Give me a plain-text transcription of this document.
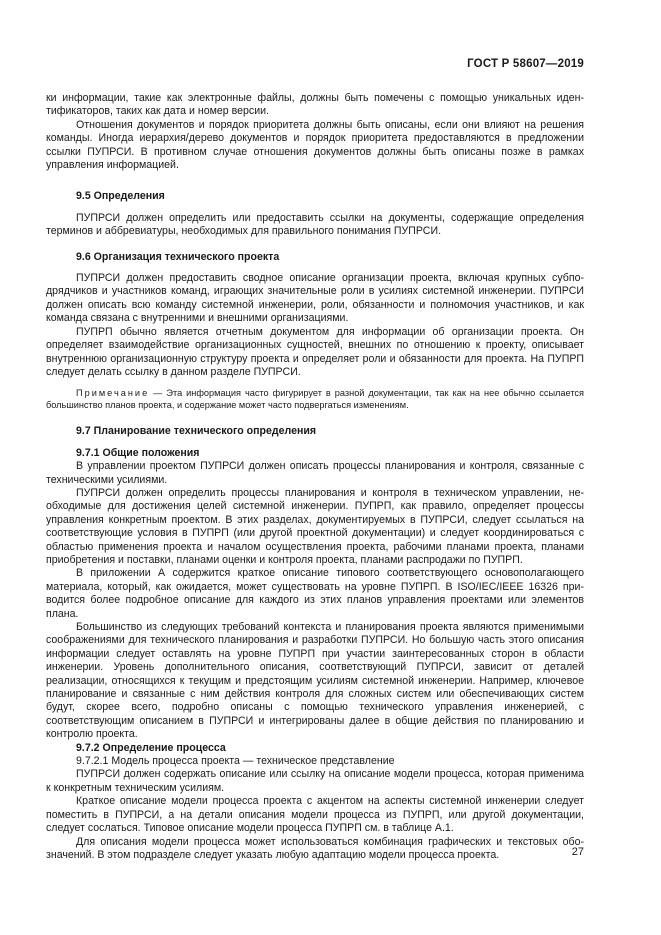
ГОСТ Р 58607—2019

ки информации, такие как электронные файлы, должны быть помечены с помощью уникальных идентификаторов, таких как дата и номер версии.

Отношения документов и порядок приоритета должны быть описаны, если они влияют на решения команды. Иногда иерархия/дерево документов и порядок приоритета предоставляются в предложении ссылки ПУПРСИ. В противном случае отношения документов должны быть описаны позже в рамках управления информацией.

9.5 Определения

ПУПРСИ должен определить или предоставить ссылки на документы, содержащие определения терминов и аббревиатуры, необходимых для правильного понимания ПУПРСИ.

9.6 Организация технического проекта

ПУПРСИ должен предоставить сводное описание организации проекта, включая крупных субподрядчиков и участников команд, играющих значительные роли в усилиях системной инженерии. ПУПРСИ должен описать всю команду системной инженерии, роли, обязанности и полномочия участников, и как команда связана с внутренними и внешними организациями.

ПУПРП обычно является отчетным документом для информации об организации проекта. Он определяет взаимодействие организационных сущностей, внешних по отношению к проекту, описывает внутреннюю организационную структуру проекта и определяет роли и обязанности для проекта. На ПУПРП следует делать ссылку в данном разделе ПУПРСИ.

Примечание — Эта информация часто фигурирует в разной документации, так как на нее обычно ссылается большинство планов проекта, и содержание может часто подвергаться изменениям.

9.7 Планирование технического определения

9.7.1 Общие положения

В управлении проектом ПУПРСИ должен описать процессы планирования и контроля, связанные с техническими усилиями.

ПУПРСИ должен определить процессы планирования и контроля в техническом управлении, необходимые для достижения целей системной инженерии. ПУПРП, как правило, определяет процессы управления конкретным проектом. В этих разделах, документируемых в ПУПРСИ, следует ссылаться на соответствующие условия в ПУПРП (или другой проектной документации) и следует координироваться с областью применения проекта и началом осуществления проекта, рабочими планами проекта, планами приобретения и поставки, планами оценки и контроля проекта, планами распродажи по ПУПРП.

В приложении А содержится краткое описание типового соответствующего основополагающего материала, который, как ожидается, может существовать на уровне ПУПРП. В ISO/IEC/IEEE 16326 приводится более подробное описание для каждого из этих планов управления проектами или элементов плана.

Большинство из следующих требований контекста и планирования проекта являются применимыми соображениями для технического планирования и разработки ПУПРСИ. Но большую часть этого описания информации следует оставлять на уровне ПУПРП при участии заинтересованных сторон в области инженерии. Уровень дополнительного описания, соответствующий ПУПРСИ, зависит от деталей реализации, относящихся к текущим и предстоящим усилиям системной инженерии. Например, ключевое планирование и связанные с ним действия контроля для сложных систем или обеспечивающих систем будут, скорее всего, подробно описаны с помощью технического управления инженерией, с соответствующим описанием в ПУПРСИ и интегрированы далее в общие действия по планированию и контролю проекта.

9.7.2 Определение процесса

9.7.2.1 Модель процесса проекта — техническое представление

ПУПРСИ должен содержать описание или ссылку на описание модели процесса, которая применима к конкретным техническим усилиям.

Краткое описание модели процесса проекта с акцентом на аспекты системной инженерии следует поместить в ПУПРСИ, а на детали описания модели процесса из ПУПРП, или другой документации, следует сослаться. Типовое описание модели процесса ПУПРП см. в таблице А.1.

Для описания модели процесса может использоваться комбинация графических и текстовых обозначений. В этом подразделе следует указать любую адаптацию модели процесса проекта.	27
